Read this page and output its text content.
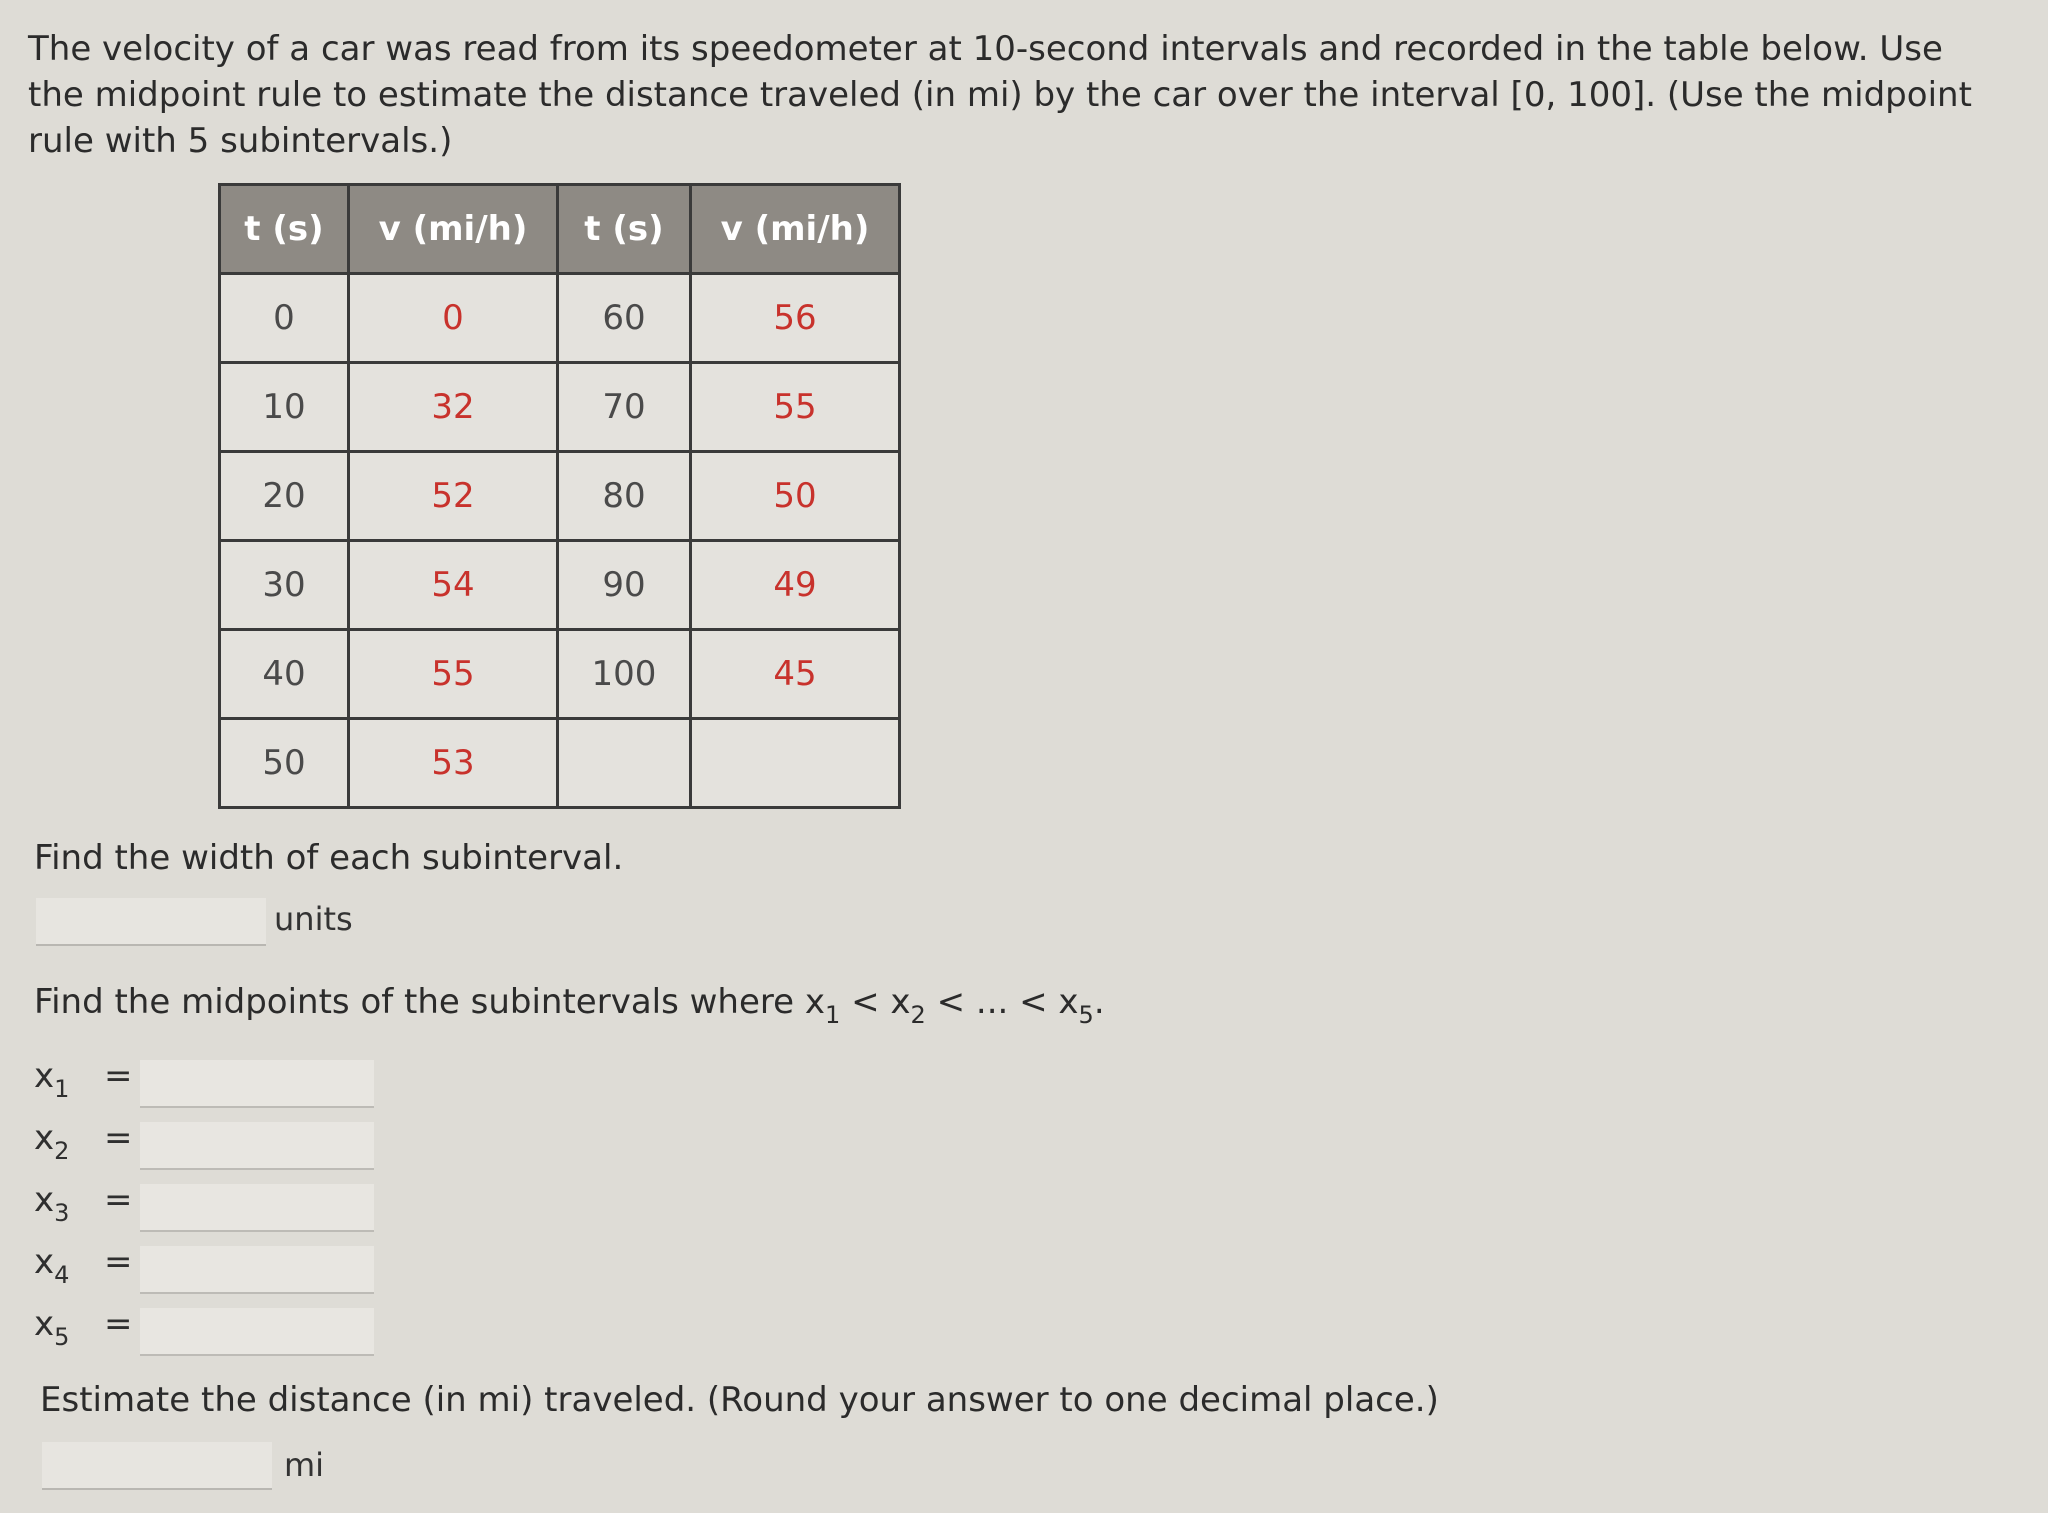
The velocity of a car was read from its speedometer at 10-second intervals and recorded in the table below. Use the midpoint rule to estimate the distance traveled (in mi) by the car over the interval [0, 100]. (Use the midpoint rule with 5 subintervals.)
t (s)	v (mi/h)	t (s)	v (mi/h)
0	0	60	56
10	32	70	55
20	52	80	50
30	54	90	49
40	55	100	45
50	53		
Find the width of each subinterval.
units
Find the midpoints of the subintervals where $x_1 < x_2$ < ... < $x_5$.
$x_1$	=
$x_2$	=
$x_3$	=
$x_4$	=
$x_5$	=
Estimate the distance (in mi) traveled. (Round your answer to one decimal place.)
mi
